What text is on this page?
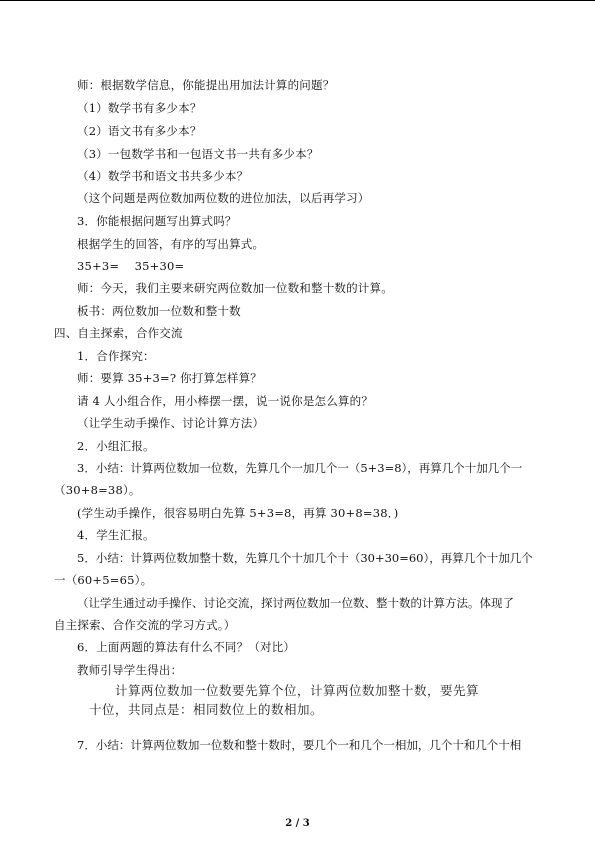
师：根据数学信息，你能提出用加法计算的问题？
（1）数学书有多少本？
（2）语文书有多少本？
（3）一包数学书和一包语文书一共有多少本？
（4）数学书和语文书共多少本？
（这个问题是两位数加两位数的进位加法，以后再学习）
3．你能根据问题写出算式吗？
根据学生的回答，有序的写出算式。
35+3=    35+30=
师：今天，我们主要来研究两位数加一位数和整十数的计算。
板书：两位数加一位数和整十数
四、自主探索，合作交流
1．合作探究：
师：要算 35+3=? 你打算怎样算？
请 4 人小组合作，用小棒摆一摆，说一说你是怎么算的？
（让学生动手操作、讨论计算方法）
2．小组汇报。
3．小结：计算两位数加一位数，先算几个一加几个一（5+3=8），再算几个十加几个一
（30+8=38）。
(学生动手操作，很容易明白先算 5+3=8，再算 30+8=38．)
4．学生汇报。
5．小结：计算两位数加整十数，先算几个十加几个十（30+30=60），再算几个十加几个
一（60+5=65）。
（让学生通过动手操作、讨论交流，探讨两位数加一位数、整十数的计算方法。体现了
自主探索、合作交流的学习方式。）
6．上面两题的算法有什么不同？（对比）
教师引导学生得出：
计算两位数加一位数要先算个位，计算两位数加整十数，要先算
十位，共同点是：相同数位上的数相加。
7．小结：计算两位数加一位数和整十数时，要几个一和几个一相加，几个十和几个十相
2 / 3
